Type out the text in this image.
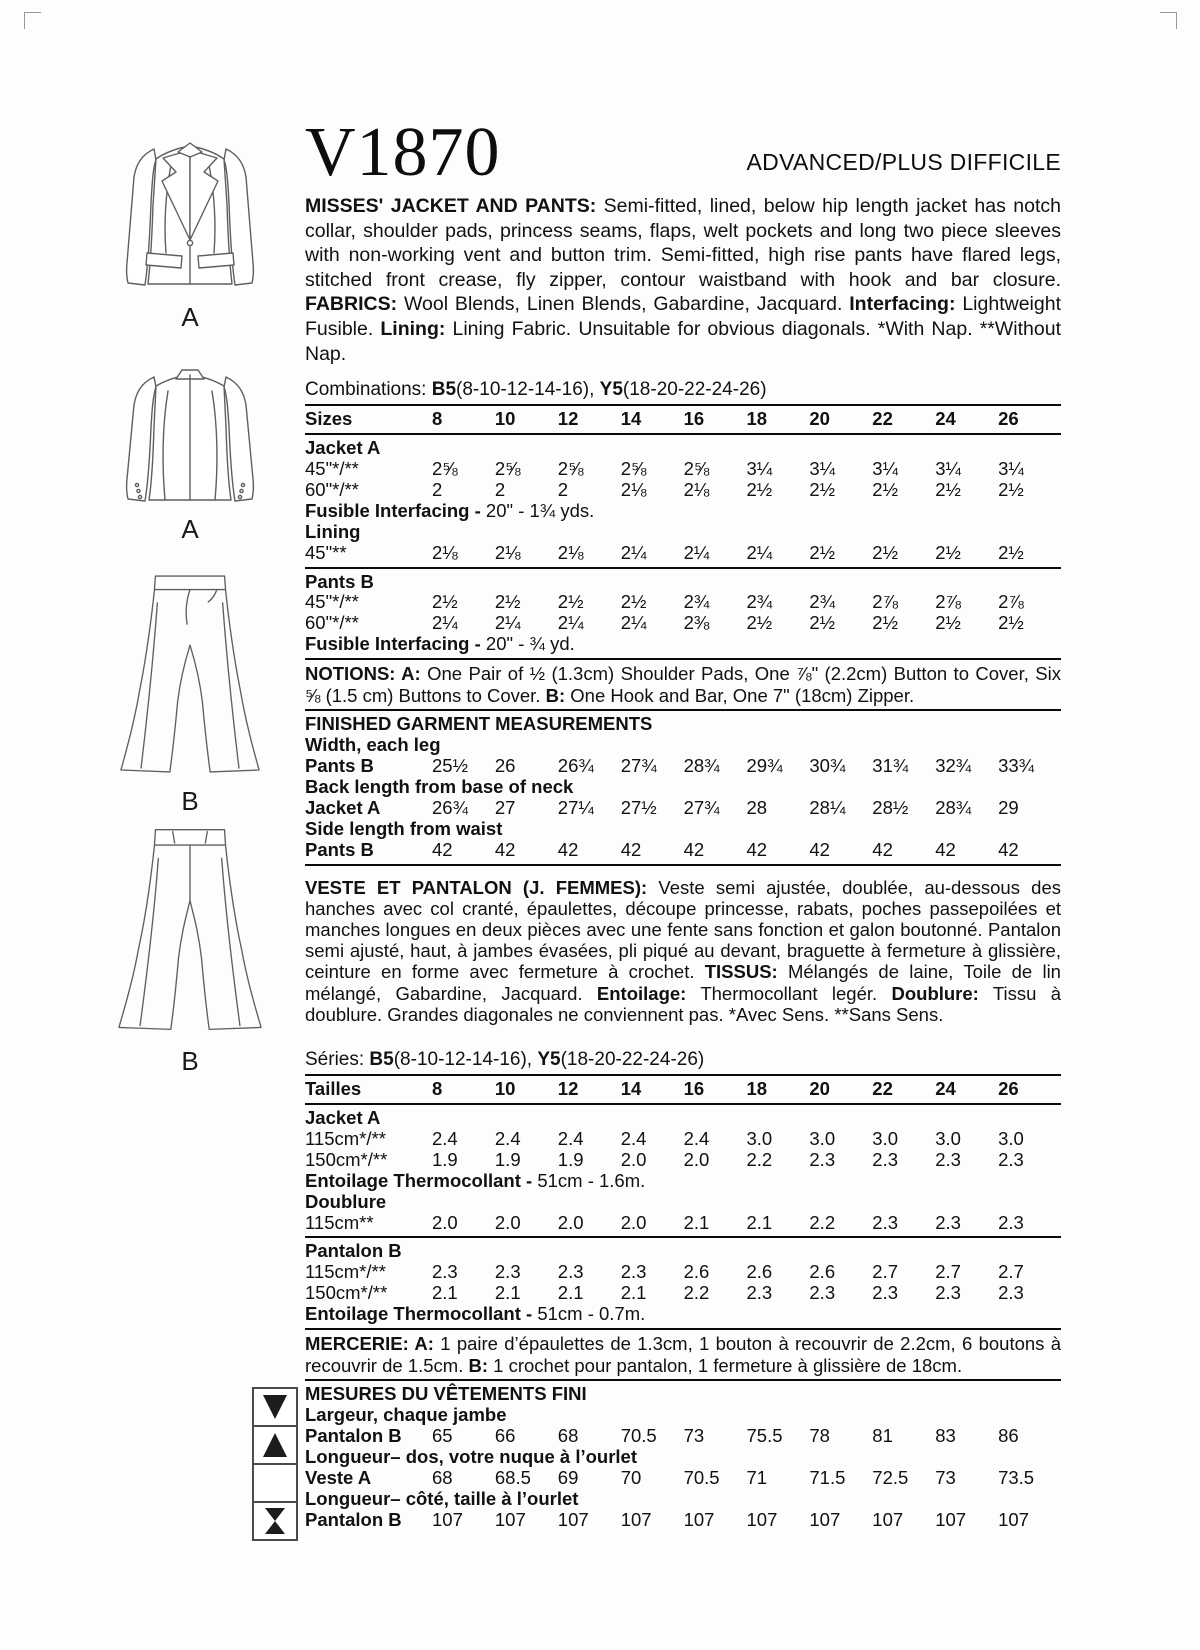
A
A
B
B
V1870	ADVANCED/PLUS DIFFICILE

MISSES' JACKET AND PANTS: Semi-fitted, lined, below hip length jacket has notch collar, shoulder pads, princess seams, flaps, welt pockets and long two piece sleeves with non-working vent and button trim. Semi-fitted, high rise pants have flared legs, stitched front crease, fly zipper, contour waistband with hook and bar closure. FABRICS: Wool Blends, Linen Blends, Gabardine, Jacquard. Interfacing: Lightweight Fusible. Lining: Lining Fabric. Unsuitable for obvious diagonals. *With Nap. **Without Nap.

Combinations: B5(8-10-12-14-16), Y5(18-20-22-24-26)

Sizes	8	10	12	14	16	18	20	22	24	26
Jacket A
45"*/**	2⅝	2⅝	2⅝	2⅝	2⅝	3¼	3¼	3¼	3¼	3¼
60"*/**	2	2	2	2⅛	2⅛	2½	2½	2½	2½	2½
Fusible Interfacing - 20" - 1¾ yds.
Lining
45"**	2⅛	2⅛	2⅛	2¼	2¼	2¼	2½	2½	2½	2½
Pants B
45"*/**	2½	2½	2½	2½	2¾	2¾	2¾	2⅞	2⅞	2⅞
60"*/**	2¼	2¼	2¼	2¼	2⅜	2½	2½	2½	2½	2½
Fusible Interfacing - 20" - ¾ yd.

NOTIONS: A: One Pair of ½ (1.3cm) Shoulder Pads, One ⅞" (2.2cm) Button to Cover, Six ⅝ (1.5 cm) Buttons to Cover. B: One Hook and Bar, One 7" (18cm) Zipper.

FINISHED GARMENT MEASUREMENTS
Width, each leg
Pants B	25½	26	26¾	27¾	28¾	29¾	30¾	31¾	32¾	33¾
Back length from base of neck
Jacket A	26¾	27	27¼	27½	27¾	28	28¼	28½	28¾	29
Side length from waist
Pants B	42	42	42	42	42	42	42	42	42	42

VESTE ET PANTALON (J. FEMMES): Veste semi ajustée, doublée, au-dessous des hanches avec col cranté, épaulettes, découpe princesse, rabats, poches passepoilées et manches longues en deux pièces avec une fente sans fonction et galon boutonné. Pantalon semi ajusté, haut, à jambes évasées, pli piqué au devant, braguette à fermeture à glissière, ceinture en forme avec fermeture à crochet. TISSUS: Mélangés de laine, Toile de lin mélangé, Gabardine, Jacquard. Entoilage: Thermocollant legér. Doublure: Tissu à doublure. Grandes diagonales ne conviennent pas. *Avec Sens. **Sans Sens.

Séries: B5(8-10-12-14-16), Y5(18-20-22-24-26)

Tailles	8	10	12	14	16	18	20	22	24	26
Jacket A
115cm*/**	2.4	2.4	2.4	2.4	2.4	3.0	3.0	3.0	3.0	3.0
150cm*/**	1.9	1.9	1.9	2.0	2.0	2.2	2.3	2.3	2.3	2.3
Entoilage Thermocollant - 51cm - 1.6m.
Doublure
115cm**	2.0	2.0	2.0	2.0	2.1	2.1	2.2	2.3	2.3	2.3
Pantalon B
115cm*/**	2.3	2.3	2.3	2.3	2.6	2.6	2.6	2.7	2.7	2.7
150cm*/**	2.1	2.1	2.1	2.1	2.2	2.3	2.3	2.3	2.3	2.3
Entoilage Thermocollant - 51cm - 0.7m.

MERCERIE: A: 1 paire d’épaulettes de 1.3cm, 1 bouton à recouvrir de 2.2cm, 6 boutons à recouvrir de 1.5cm. B: 1 crochet pour pantalon, 1 fermeture à glissière de 18cm.

MESURES DU VÊTEMENTS FINI
Largeur, chaque jambe
Pantalon B	65	66	68	70.5	73	75.5	78	81	83	86
Longueur– dos, votre nuque à l’ourlet
Veste A	68	68.5	69	70	70.5	71	71.5	72.5	73	73.5
Longueur– côté, taille à l’ourlet
Pantalon B	107	107	107	107	107	107	107	107	107	107
